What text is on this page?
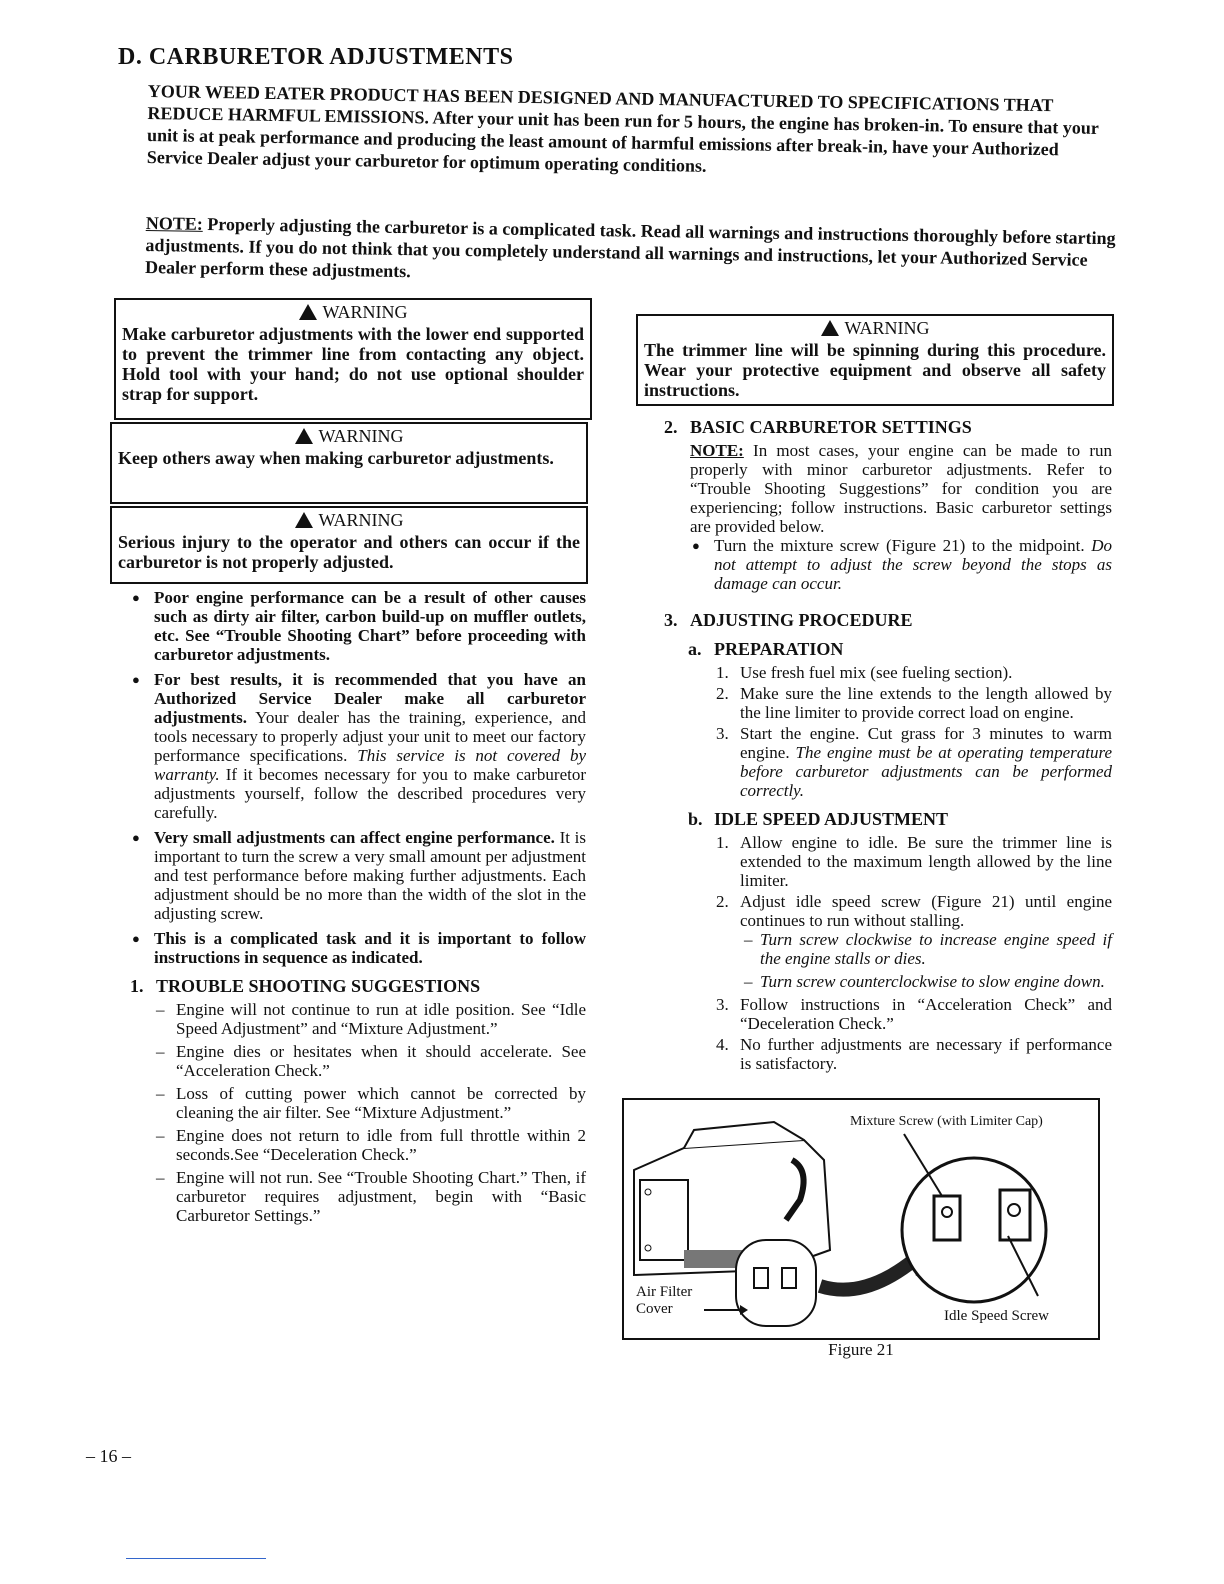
D. CARBURETOR ADJUSTMENTS
YOUR WEED EATER PRODUCT HAS BEEN DESIGNED AND MANUFACTURED TO SPECIFICATIONS THAT REDUCE HARMFUL EMISSIONS. After your unit has been run for 5 hours, the engine has broken-in. To ensure that your unit is at peak performance and producing the least amount of harmful emissions after break-in, have your Authorized Service Dealer adjust your carburetor for optimum operating conditions.
NOTE: Properly adjusting the carburetor is a complicated task. Read all warnings and instructions thoroughly before starting adjustments. If you do not think that you completely understand all warnings and instructions, let your Authorized Service Dealer perform these adjustments.
WARNING
Make carburetor adjustments with the lower end supported to prevent the trimmer line from contacting any object. Hold tool with your hand; do not use optional shoulder strap for support.
WARNING
Keep others away when making carburetor adjustments.
WARNING
Serious injury to the operator and others can occur if the carburetor is not properly adjusted.
● Poor engine performance can be a result of other causes such as dirty air filter, carbon build-up on muffler outlets, etc. See “Trouble Shooting Chart” before proceeding with carburetor adjustments.
● For best results, it is recommended that you have an Authorized Service Dealer make all carburetor adjustments. Your dealer has the training, experience, and tools necessary to properly adjust your unit to meet our factory performance specifications. This service is not covered by warranty. If it becomes necessary for you to make carburetor adjustments yourself, follow the described procedures very carefully.
● Very small adjustments can affect engine performance. It is important to turn the screw a very small amount per adjustment and test performance before making further adjustments. Each adjustment should be no more than the width of the slot in the adjusting screw.
● This is a complicated task and it is important to follow instructions in sequence as indicated.
1. TROUBLE SHOOTING SUGGESTIONS
– Engine will not continue to run at idle position. See “Idle Speed Adjustment” and “Mixture Adjustment.”
– Engine dies or hesitates when it should accelerate. See “Acceleration Check.”
– Loss of cutting power which cannot be corrected by cleaning the air filter. See “Mixture Adjustment.”
– Engine does not return to idle from full throttle within 2 seconds.See “Deceleration Check.”
– Engine will not run. See “Trouble Shooting Chart.” Then, if carburetor requires adjustment, begin with “Basic Carburetor Settings.”
WARNING
The trimmer line will be spinning during this procedure. Wear your protective equipment and observe all safety instructions.
2. BASIC CARBURETOR SETTINGS
NOTE: In most cases, your engine can be made to run properly with minor carburetor adjustments. Refer to “Trouble Shooting Suggestions” for condition you are experiencing; follow instructions. Basic carburetor settings are provided below.
● Turn the mixture screw (Figure 21) to the midpoint. Do not attempt to adjust the screw beyond the stops as damage can occur.
3. ADJUSTING PROCEDURE
a. PREPARATION
1. Use fresh fuel mix (see fueling section).
2. Make sure the line extends to the length allowed by the line limiter to provide correct load on engine.
3. Start the engine. Cut grass for 3 minutes to warm engine. The engine must be at operating temperature before carburetor adjustments can be performed correctly.
b. IDLE SPEED ADJUSTMENT
1. Allow engine to idle. Be sure the trimmer line is extended to the maximum length allowed by the line limiter.
2. Adjust idle speed screw (Figure 21) until engine continues to run without stalling.
– Turn screw clockwise to increase engine speed if the engine stalls or dies.
– Turn screw counterclockwise to slow engine down.
3. Follow instructions in “Acceleration Check” and “Deceleration Check.”
4. No further adjustments are necessary if performance is satisfactory.
Mixture Screw (with Limiter Cap)
Air Filter
Cover	Idle Speed Screw
Figure 21
– 16 –
